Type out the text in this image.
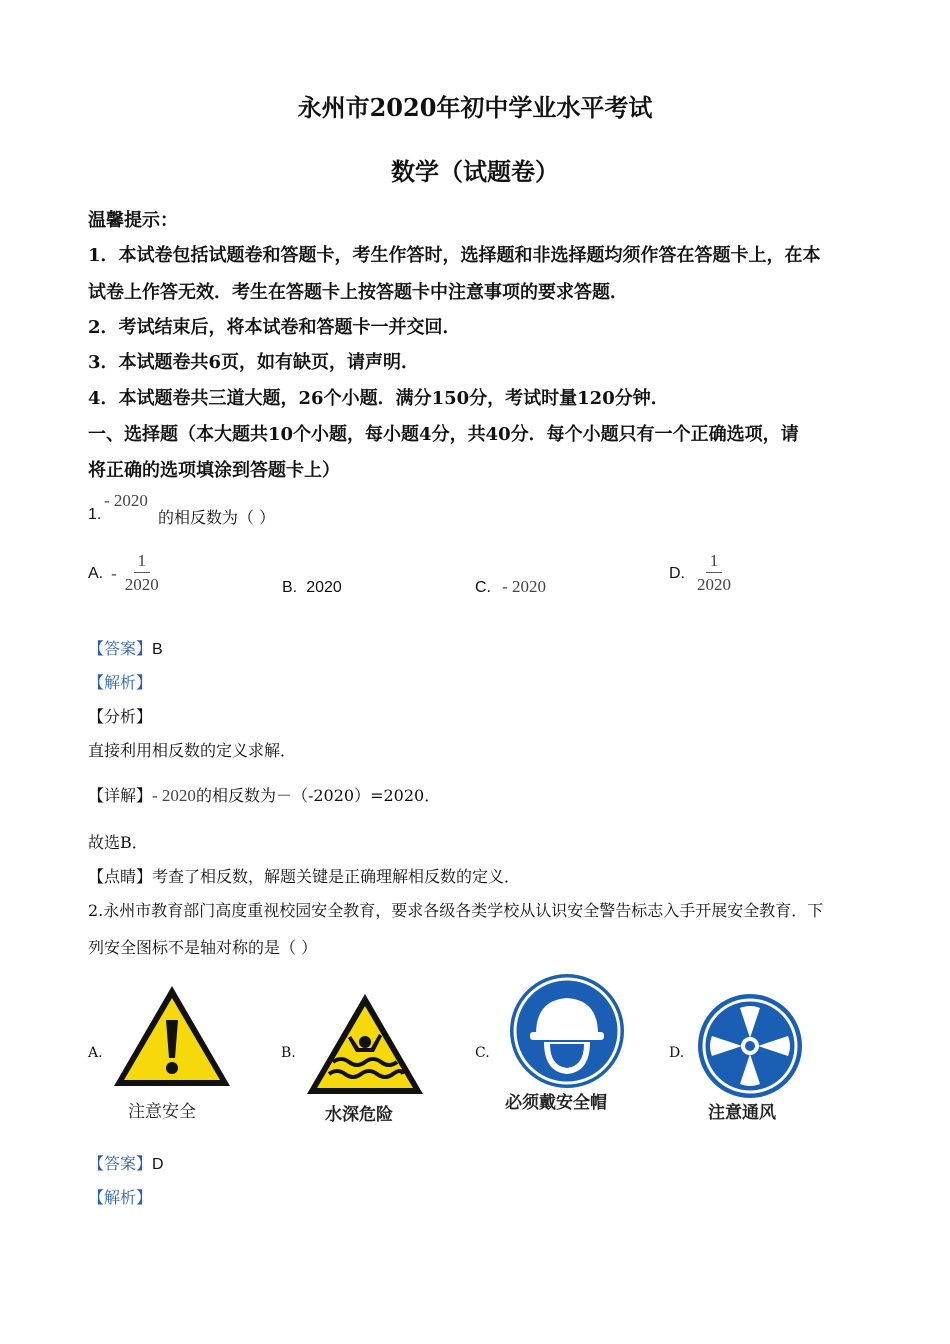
永州市2020年初中学业水平考试
数学（试题卷）
温馨提示：
1．本试卷包括试题卷和答题卡，考生作答时，选择题和非选择题均须作答在答题卡上，在本
试卷上作答无效．考生在答题卡上按答题卡中注意事项的要求答题．
2．考试结束后，将本试卷和答题卡一并交回．
3．本试题卷共6页，如有缺页，请声明．
4．本试题卷共三道大题，26个小题．满分150分，考试时量120分钟．
一、选择题（本大题共10个小题，每小题4分，共40分．每个小题只有一个正确选项，请
将正确的选项填涂到答题卡上）
1.
- 2020
的相反数为（ ）
A. - $\frac{1}{2020}$	B. 2020	C. - 2020
D. $\frac{1}{2020}$
【答案】B
【解析】
【分析】
直接利用相反数的定义求解．
【详解】- 2020的相反数为－（-2020）=2020．
故选B．
【点睛】考查了相反数，解题关键是正确理解相反数的定义．
2.永州市教育部门高度重视校园安全教育，要求各级各类学校从认识安全警告标志入手开展安全教育．下
列安全图标不是轴对称的是（ ）
A.
注意安全
B.
水深危险
C.
必须戴安全帽
D.
注意通风
【答案】D
【解析】
